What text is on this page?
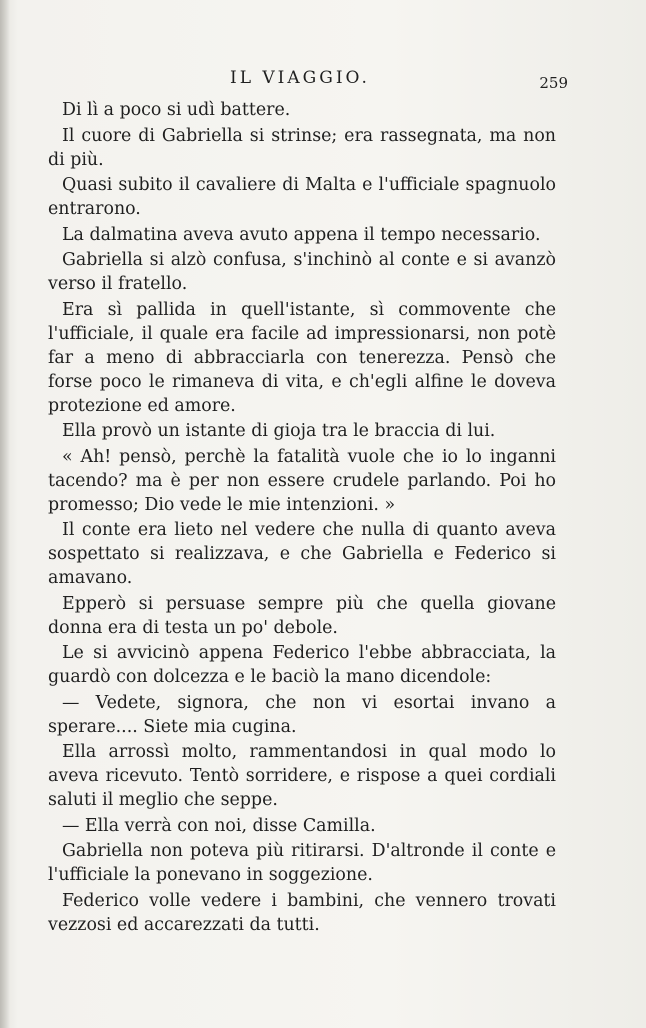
IL VIAGGIO.	259

Di lì a poco si udì battere.

Il cuore di Gabriella si strinse; era rassegnata, ma non di più.

Quasi subito il cavaliere di Malta e l'ufficiale spagnuolo entrarono.

La dalmatina aveva avuto appena il tempo necessario.

Gabriella si alzò confusa, s'inchinò al conte e si avanzò verso il fratello.

Era sì pallida in quell'istante, sì commovente che l'ufficiale, il quale era facile ad impressionarsi, non potè far a meno di abbracciarla con tenerezza. Pensò che forse poco le rimaneva di vita, e ch'egli alfine le doveva protezione ed amore.

Ella provò un istante di gioja tra le braccia di lui.

« Ah! pensò, perchè la fatalità vuole che io lo inganni tacendo? ma è per non essere crudele parlando. Poi ho promesso; Dio vede le mie intenzioni. »

Il conte era lieto nel vedere che nulla di quanto aveva sospettato si realizzava, e che Gabriella e Federico si amavano.

Epperò si persuase sempre più che quella giovane donna era di testa un po' debole.

Le si avvicinò appena Federico l'ebbe abbracciata, la guardò con dolcezza e le baciò la mano dicendole:

— Vedete, signora, che non vi esortai invano a sperare.... Siete mia cugina.

Ella arrossì molto, rammentandosi in qual modo lo aveva ricevuto. Tentò sorridere, e rispose a quei cordiali saluti il meglio che seppe.

— Ella verrà con noi, disse Camilla.

Gabriella non poteva più ritirarsi. D'altronde il conte e l'ufficiale la ponevano in soggezione.

Federico volle vedere i bambini, che vennero trovati vezzosi ed accarezzati da tutti.
